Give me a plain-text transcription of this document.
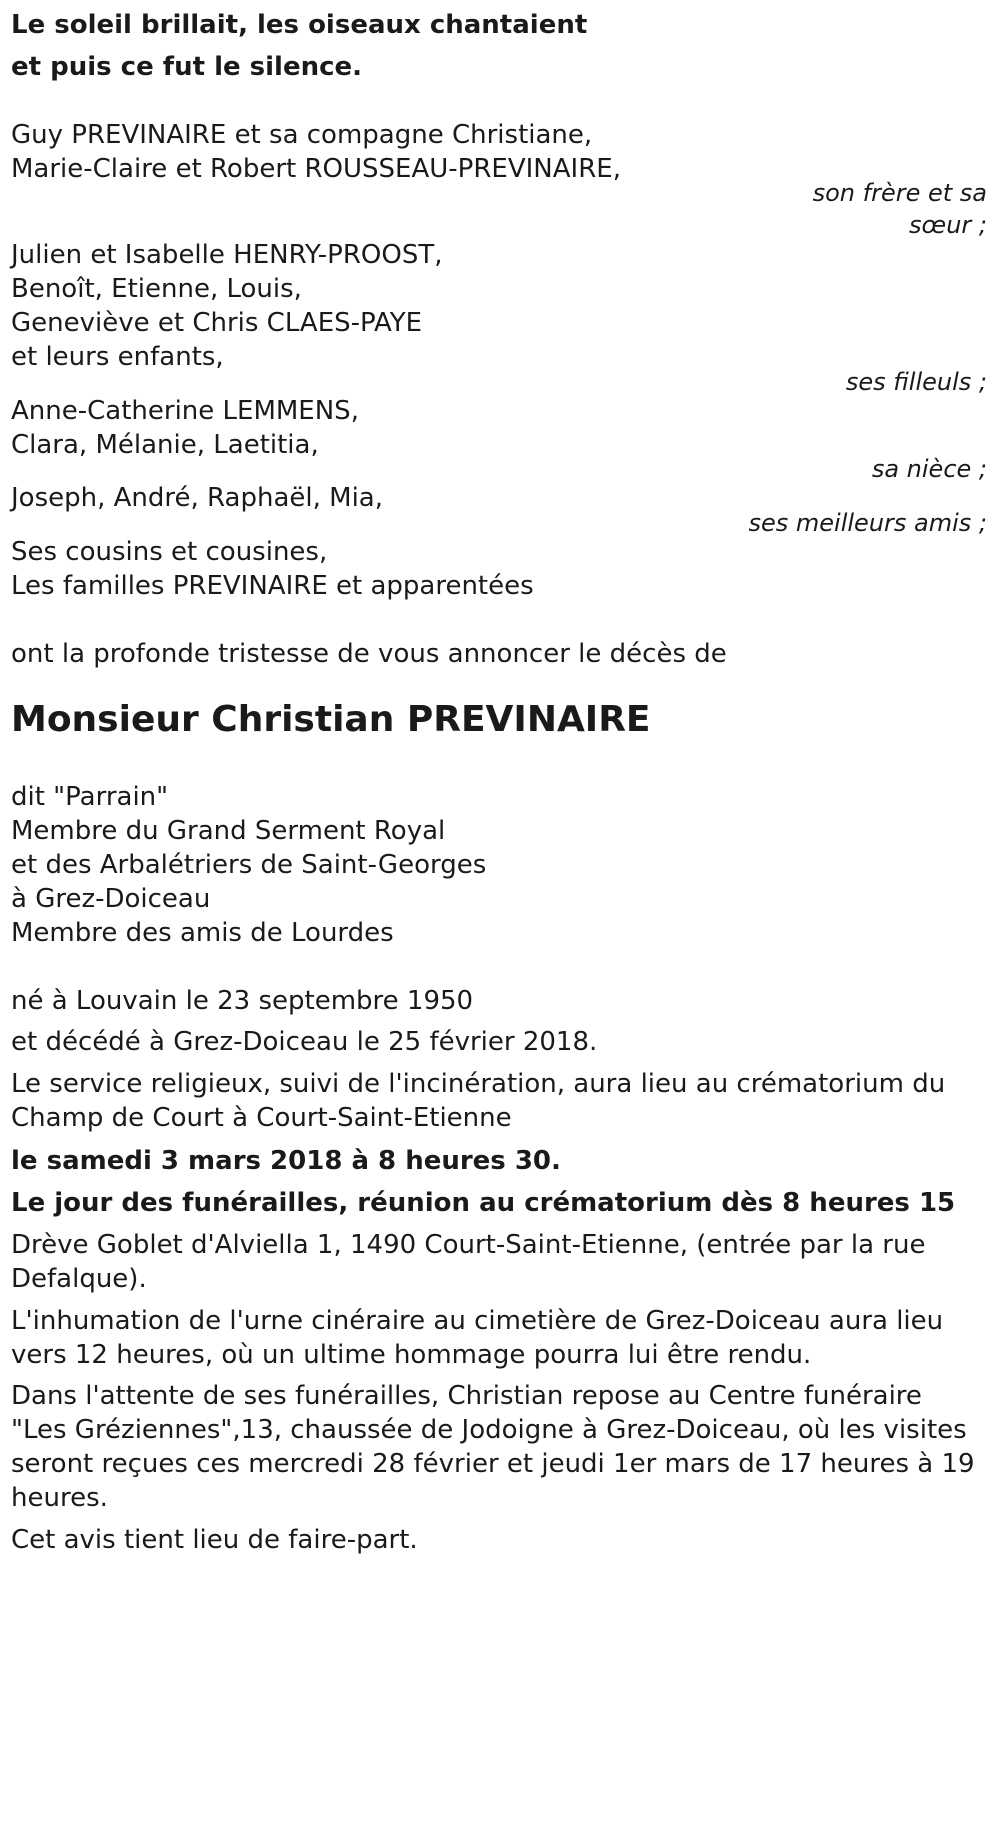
Le soleil brillait, les oiseaux chantaient
et puis ce fut le silence.
Guy PREVINAIRE et sa compagne Christiane,
Marie-Claire et Robert ROUSSEAU-PREVINAIRE,
son frère et sa
sœur ;
Julien et Isabelle HENRY-PROOST,
Benoît, Etienne, Louis,
Geneviève et Chris CLAES-PAYE
et leurs enfants,
ses filleuls ;
Anne-Catherine LEMMENS,
Clara, Mélanie, Laetitia,
sa nièce ;
Joseph, André, Raphaël, Mia,
ses meilleurs amis ;
Ses cousins et cousines,
Les familles PREVINAIRE et apparentées
ont la profonde tristesse de vous annoncer le décès de
Monsieur Christian PREVINAIRE
dit "Parrain"
Membre du Grand Serment Royal
et des Arbalétriers de Saint-Georges
à Grez-Doiceau
Membre des amis de Lourdes
né à Louvain le 23 septembre 1950
et décédé à Grez-Doiceau le 25 février 2018.
Le service religieux, suivi de l'incinération, aura lieu au crématorium du
Champ de Court à Court-Saint-Etienne
le samedi 3 mars 2018 à 8 heures 30.
Le jour des funérailles, réunion au crématorium dès 8 heures 15
Drève Goblet d'Alviella 1, 1490 Court-Saint-Etienne, (entrée par la rue
Defalque).
L'inhumation de l'urne cinéraire au cimetière de Grez-Doiceau aura lieu
vers 12 heures, où un ultime hommage pourra lui être rendu.
Dans l'attente de ses funérailles, Christian repose au Centre funéraire
"Les Gréziennes",13, chaussée de Jodoigne à Grez-Doiceau, où les visites
seront reçues ces mercredi 28 février et jeudi 1er mars de 17 heures à 19
heures.
Cet avis tient lieu de faire-part.
